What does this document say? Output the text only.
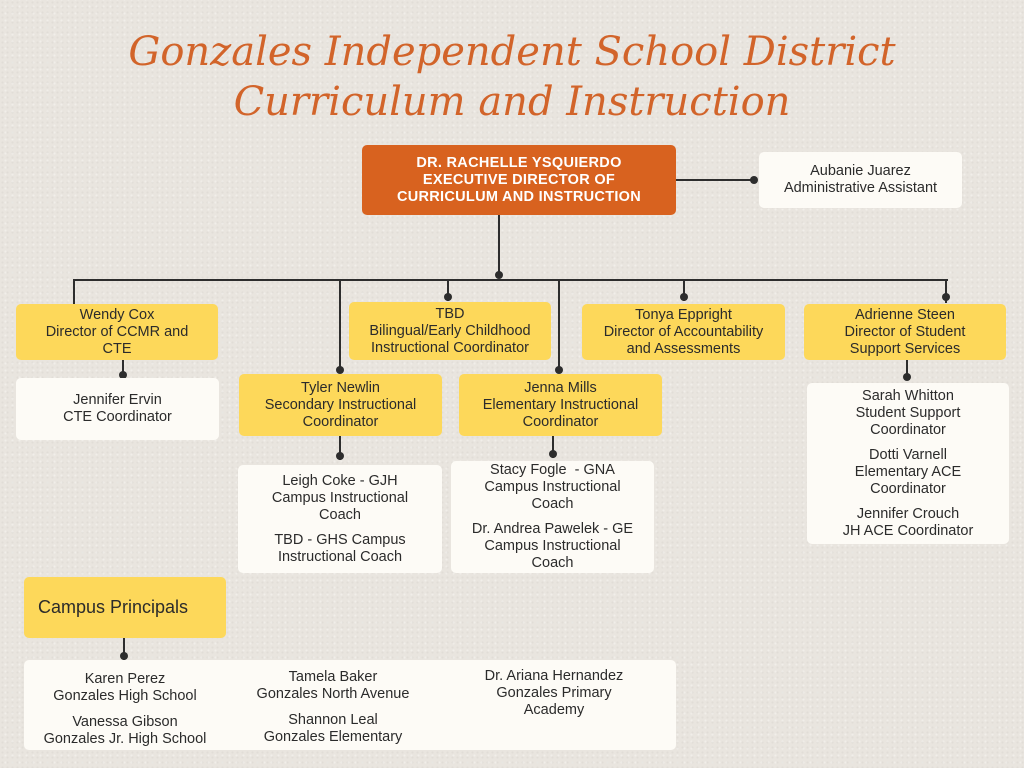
Gonzales Independent School District
Curriculum and Instruction
DR. RACHELLE YSQUIERDO
EXECUTIVE DIRECTOR OF
CURRICULUM AND INSTRUCTION
Aubanie Juarez
Administrative Assistant
Wendy Cox
Director of CCMR and
CTE
Jennifer Ervin
CTE Coordinator
TBD
Bilingual/Early Childhood
Instructional Coordinator
Tonya Eppright
Director of Accountability
and Assessments
Adrienne Steen
Director of Student
Support Services
Tyler Newlin
Secondary Instructional
Coordinator
Jenna Mills
Elementary Instructional
Coordinator
Leigh Coke - GJH
Campus Instructional
Coach
TBD - GHS Campus
Instructional Coach
Stacy Fogle  - GNA
Campus Instructional
Coach
Dr. Andrea Pawelek - GE
Campus Instructional
Coach
Sarah Whitton
Student Support
Coordinator
Dotti Varnell
Elementary ACE
Coordinator
Jennifer Crouch
JH ACE Coordinator
Campus Principals
Karen Perez
Gonzales High School
Vanessa Gibson
Gonzales Jr. High School
Tamela Baker
Gonzales North Avenue
Shannon Leal
Gonzales Elementary
Dr. Ariana Hernandez
Gonzales Primary
Academy
